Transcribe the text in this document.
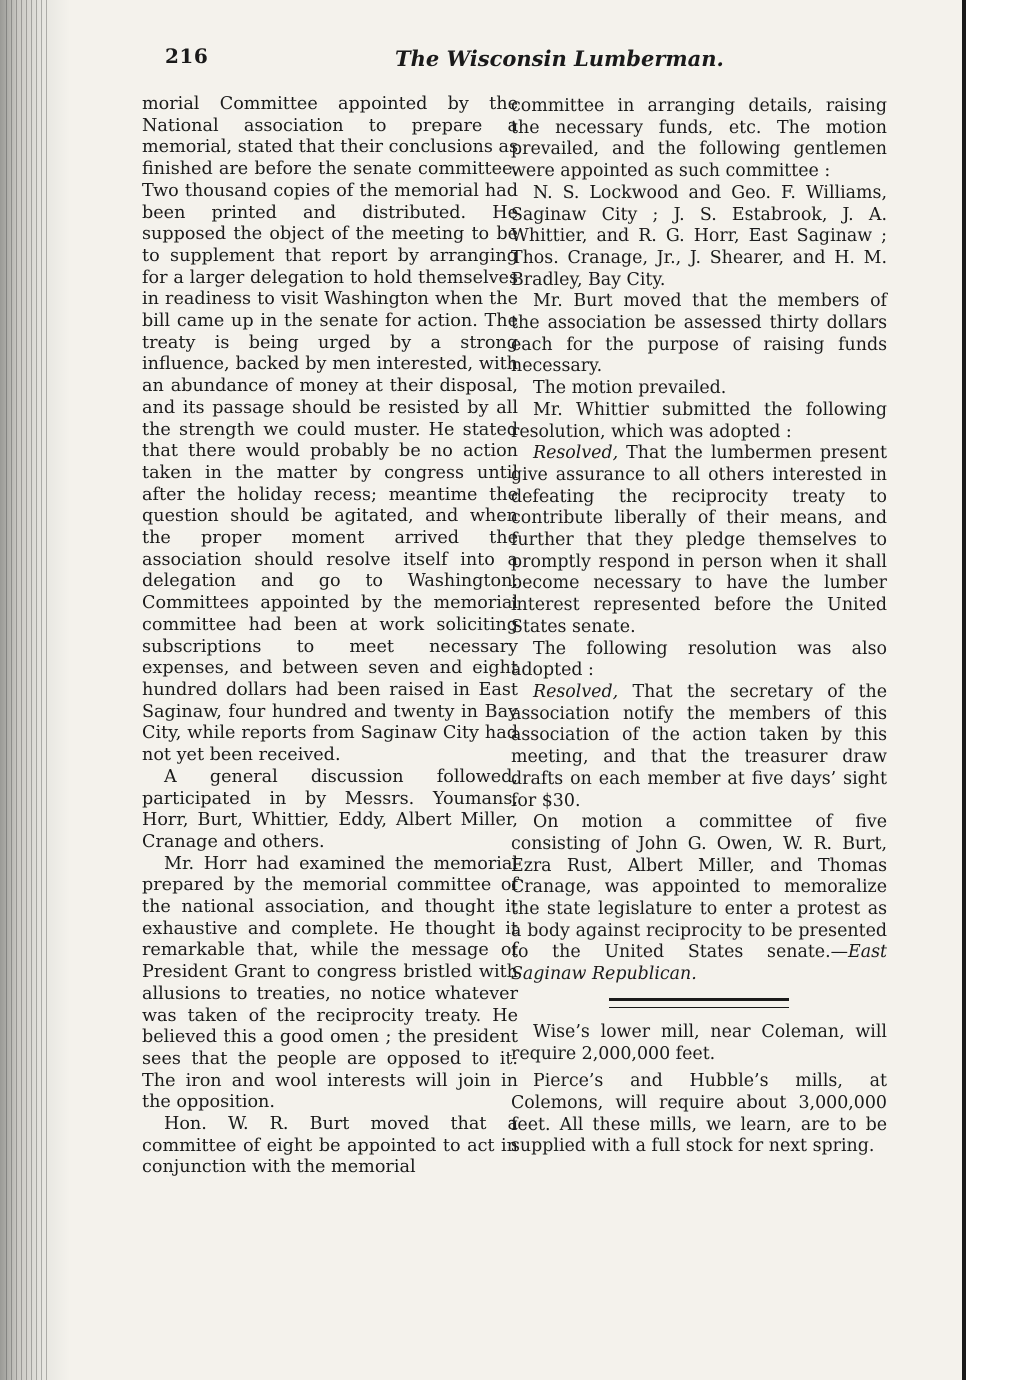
216	The Wisconsin Lumberman.

morial Committee appointed by the National association to prepare a memorial, stated that their conclusions as finished are before the senate committee. Two thousand copies of the memorial had been printed and distributed. He supposed the object of the meeting to be to supplement that report by arranging for a larger delegation to hold themselves in readiness to visit Washington when the bill came up in the senate for action. The treaty is being urged by a strong influence, backed by men interested, with an abundance of money at their disposal, and its passage should be resisted by all the strength we could muster. He stated that there would probably be no action taken in the matter by congress until after the holiday recess; meantime the question should be agitated, and when the proper moment arrived the association should resolve itself into a delegation and go to Washington. Committees appointed by the memorial committee had been at work soliciting subscriptions to meet necessary expenses, and between seven and eight hundred dollars had been raised in East Saginaw, four hundred and twenty in Bay City, while reports from Saginaw City had not yet been received.

A general discussion followed, participated in by Messrs. Youmans, Horr, Burt, Whittier, Eddy, Albert Miller, Cranage and others.

Mr. Horr had examined the memorial prepared by the memorial committee of the national association, and thought it exhaustive and complete. He thought it remarkable that, while the message of President Grant to congress bristled with allusions to treaties, no notice whatever was taken of the reciprocity treaty. He believed this a good omen ; the president sees that the people are opposed to it. The iron and wool interests will join in the opposition.

Hon. W. R. Burt moved that a committee of eight be appointed to act in conjunction with the memorial

committee in arranging details, raising the necessary funds, etc. The motion prevailed, and the following gentlemen were appointed as such committee :

N. S. Lockwood and Geo. F. Williams, Saginaw City ; J. S. Estabrook, J. A. Whittier, and R. G. Horr, East Saginaw ; Thos. Cranage, Jr., J. Shearer, and H. M. Bradley, Bay City.

Mr. Burt moved that the members of the association be assessed thirty dollars each for the purpose of raising funds necessary.

The motion prevailed.

Mr. Whittier submitted the following resolution, which was adopted :

Resolved, That the lumbermen present give assurance to all others interested in defeating the reciprocity treaty to contribute liberally of their means, and further that they pledge themselves to promptly respond in person when it shall become necessary to have the lumber interest represented before the United States senate.

The following resolution was also adopted :

Resolved, That the secretary of the association notify the members of this association of the action taken by this meeting, and that the treasurer draw drafts on each member at five days’ sight for $30.

On motion a committee of five consisting of John G. Owen, W. R. Burt, Ezra Rust, Albert Miller, and Thomas Cranage, was appointed to memoralize the state legislature to enter a protest as a body against reciprocity to be presented to the United States senate.—East Saginaw Republican.

Wise’s lower mill, near Coleman, will require 2,000,000 feet.

Pierce’s and Hubble’s mills, at Colemons, will require about 3,000,000 feet. All these mills, we learn, are to be supplied with a full stock for next spring.
